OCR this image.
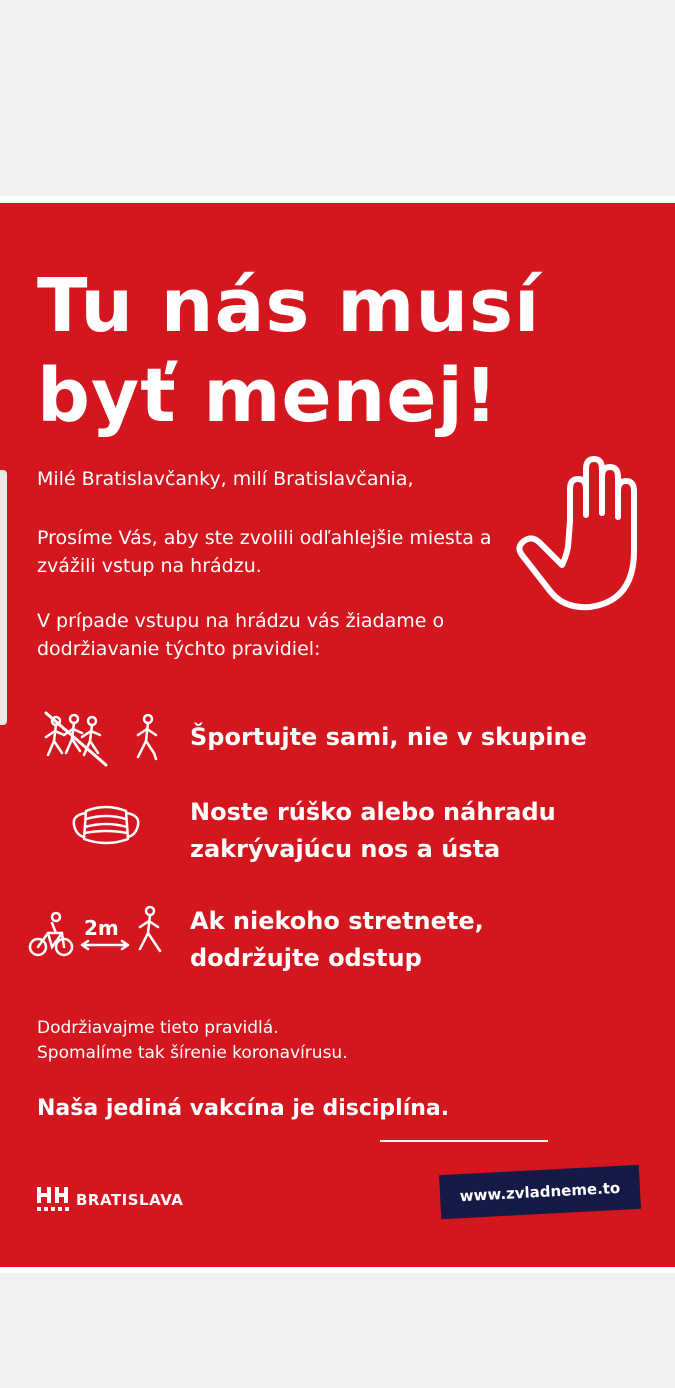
Tu nás musí
byť menej!
Milé Bratislavčanky, milí Bratislavčania,
Prosíme Vás, aby ste zvolili odľahlejšie miesta a zvážili vstup na hrádzu.
V prípade vstupu na hrádzu vás žiadame o dodržiavanie týchto pravidiel:
Športujte sami, nie v skupine
Noste rúško alebo náhradu
zakrývajúcu nos a ústa
2m	Ak niekoho stretnete,
dodržujte odstup
Dodržiavajme tieto pravidlá.
Spomalíme tak šírenie koronavírusu.
Naša jediná vakcína je disciplína.
BRATISLAVA	www.zvladneme.to
